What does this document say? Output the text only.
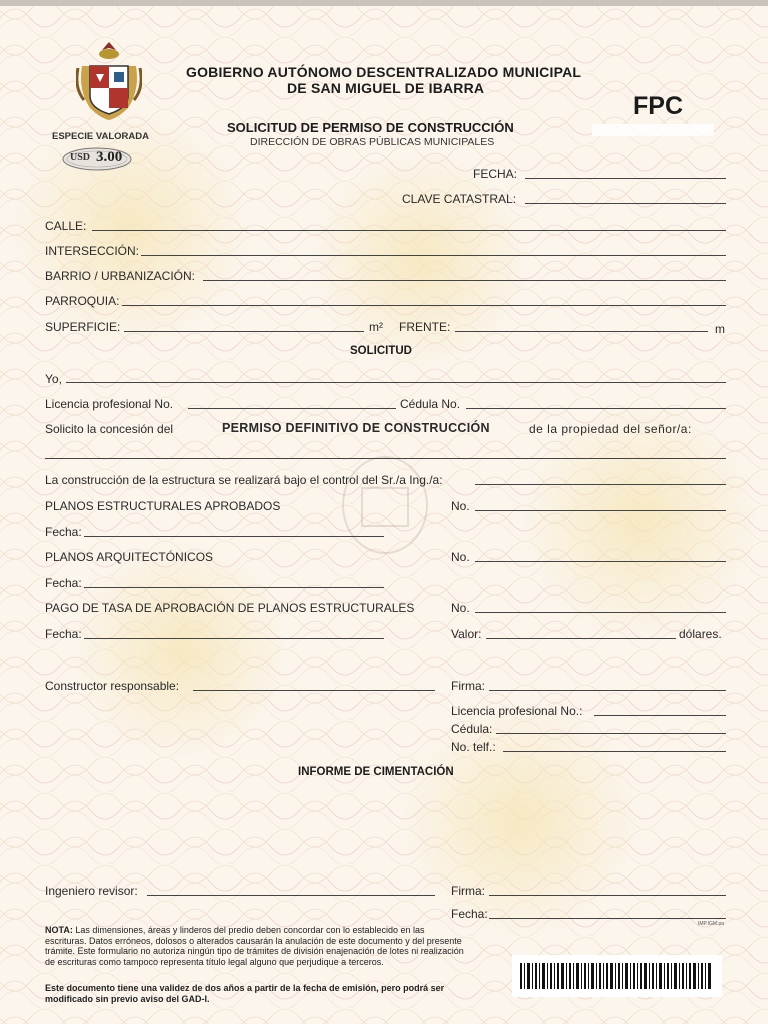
ESPECIE VALORADA
USD 3.00
GOBIERNO AUTÓNOMO DESCENTRALIZADO MUNICIPAL
DE SAN MIGUEL DE IBARRA
FPC
SOLICITUD DE PERMISO DE CONSTRUCCIÓN
DIRECCIÓN DE OBRAS PÚBLICAS MUNICIPALES
FECHA:
CLAVE CATASTRAL:
CALLE:
INTERSECCIÓN:
BARRIO / URBANIZACIÓN:
PARROQUIA:
SUPERFICIE:	m² FRENTE:	m
SOLICITUD
Yo,
Licencia profesional No.	Cédula No.
Solicito la concesión del	PERMISO DEFINITIVO DE CONSTRUCCIÓN	de la propiedad del señor/a:
La construcción de la estructura se realizará bajo el control del Sr./a Ing./a:
PLANOS ESTRUCTURALES APROBADOS	No.
Fecha:
PLANOS ARQUITECTÓNICOS	No.
Fecha:
PAGO DE TASA DE APROBACIÓN DE PLANOS ESTRUCTURALES	No.
Fecha:	Valor:	dólares.
Constructor responsable:	Firma:
Licencia profesional No.:
Cédula:
No. telf.:
INFORME DE CIMENTACIÓN
Ingeniero revisor:	Firma:
Fecha:
IMP.IGM.pa
NOTA: Las dimensiones, áreas y linderos del predio deben concordar con lo establecido en las escrituras. Datos erróneos, dolosos o alterados causarán la anulación de este documento y del presente trámite. Este formulario no autoriza ningún tipo de trámites de división enajenación de lotes ni realización de escrituras como tampoco representa título legal alguno que perjudique a terceros.
Este documento tiene una validez de dos años a partir de la fecha de emisión, pero podrá ser modificado sin previo aviso del GAD-I.
